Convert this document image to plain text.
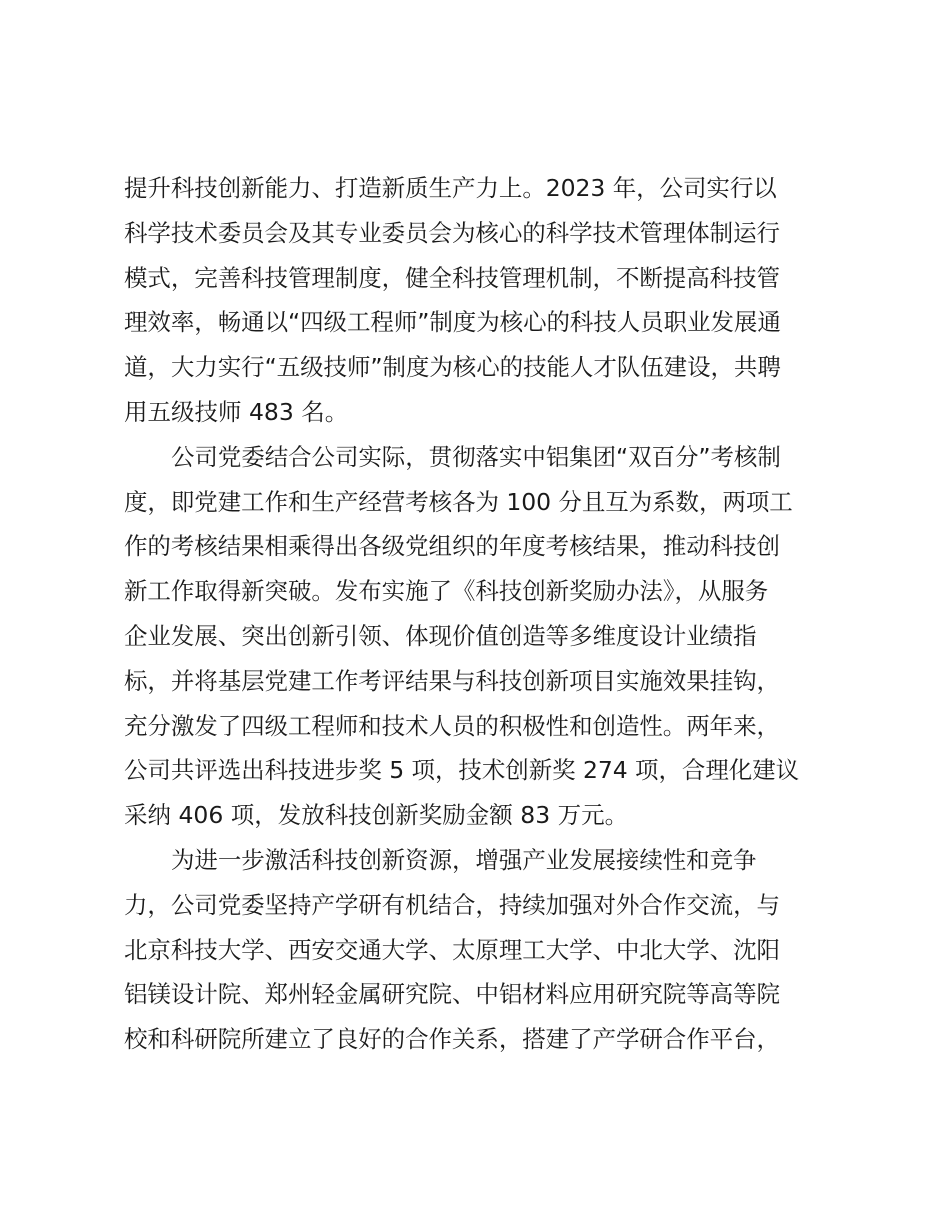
提升科技创新能力、打造新质生产力上。2023 年，公司实行以
科学技术委员会及其专业委员会为核心的科学技术管理体制运行
模式，完善科技管理制度，健全科技管理机制，不断提高科技管
理效率，畅通以“四级工程师”制度为核心的科技人员职业发展通
道，大力实行“五级技师”制度为核心的技能人才队伍建设，共聘
用五级技师 483 名。
公司党委结合公司实际，贯彻落实中铝集团“双百分”考核制
度，即党建工作和生产经营考核各为 100 分且互为系数，两项工
作的考核结果相乘得出各级党组织的年度考核结果，推动科技创
新工作取得新突破。发布实施了《科技创新奖励办法》，从服务
企业发展、突出创新引领、体现价值创造等多维度设计业绩指
标，并将基层党建工作考评结果与科技创新项目实施效果挂钩，
充分激发了四级工程师和技术人员的积极性和创造性。两年来，
公司共评选出科技进步奖 5 项，技术创新奖 274 项，合理化建议
采纳 406 项，发放科技创新奖励金额 83 万元。
为进一步激活科技创新资源，增强产业发展接续性和竞争
力，公司党委坚持产学研有机结合，持续加强对外合作交流，与
北京科技大学、西安交通大学、太原理工大学、中北大学、沈阳
铝镁设计院、郑州轻金属研究院、中铝材料应用研究院等高等院
校和科研院所建立了良好的合作关系，搭建了产学研合作平台，
